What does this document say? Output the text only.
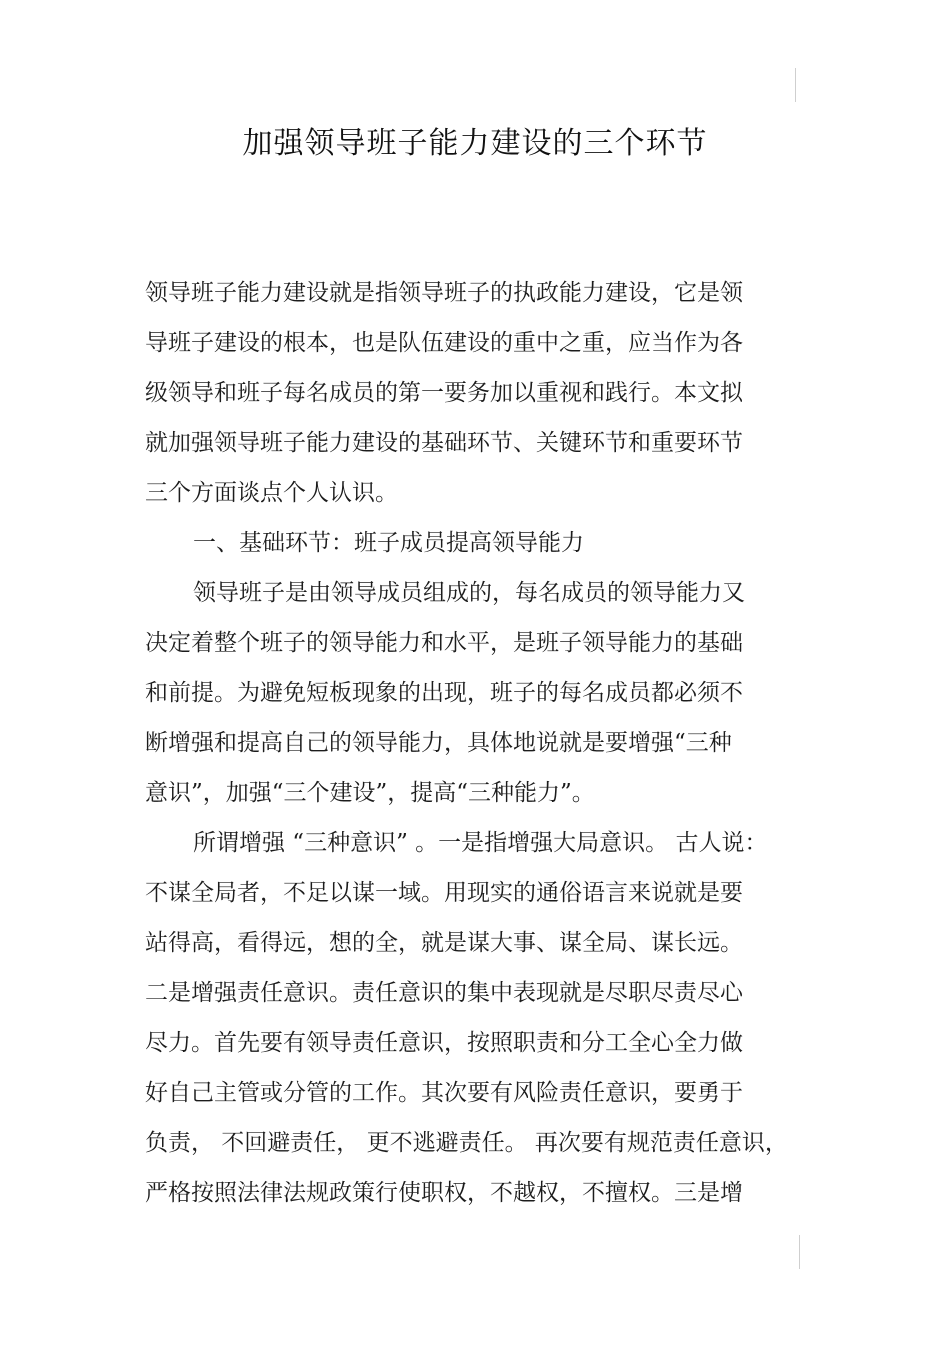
加强领导班子能力建设的三个环节
领导班子能力建设就是指领导班子的执政能力建设，它是领
导班子建设的根本，也是队伍建设的重中之重，应当作为各
级领导和班子每名成员的第一要务加以重视和践行。本文拟
就加强领导班子能力建设的基础环节、关键环节和重要环节
三个方面谈点个人认识。
一、基础环节：班子成员提高领导能力
领导班子是由领导成员组成的，每名成员的领导能力又
决定着整个班子的领导能力和水平，是班子领导能力的基础
和前提。为避免短板现象的出现，班子的每名成员都必须不
断增强和提高自己的领导能力，具体地说就是要增强“三种
意识”，加强“三个建设”，提高“三种能力”。
所谓增强 “三种意识” 。一是指增强大局意识。 古人说：
不谋全局者，不足以谋一域。用现实的通俗语言来说就是要
站得高，看得远，想的全，就是谋大事、谋全局、谋长远。
二是增强责任意识。责任意识的集中表现就是尽职尽责尽心
尽力。首先要有领导责任意识，按照职责和分工全心全力做
好自己主管或分管的工作。其次要有风险责任意识，要勇于
负责， 不回避责任， 更不逃避责任。 再次要有规范责任意识，
严格按照法律法规政策行使职权，不越权，不擅权。三是增
